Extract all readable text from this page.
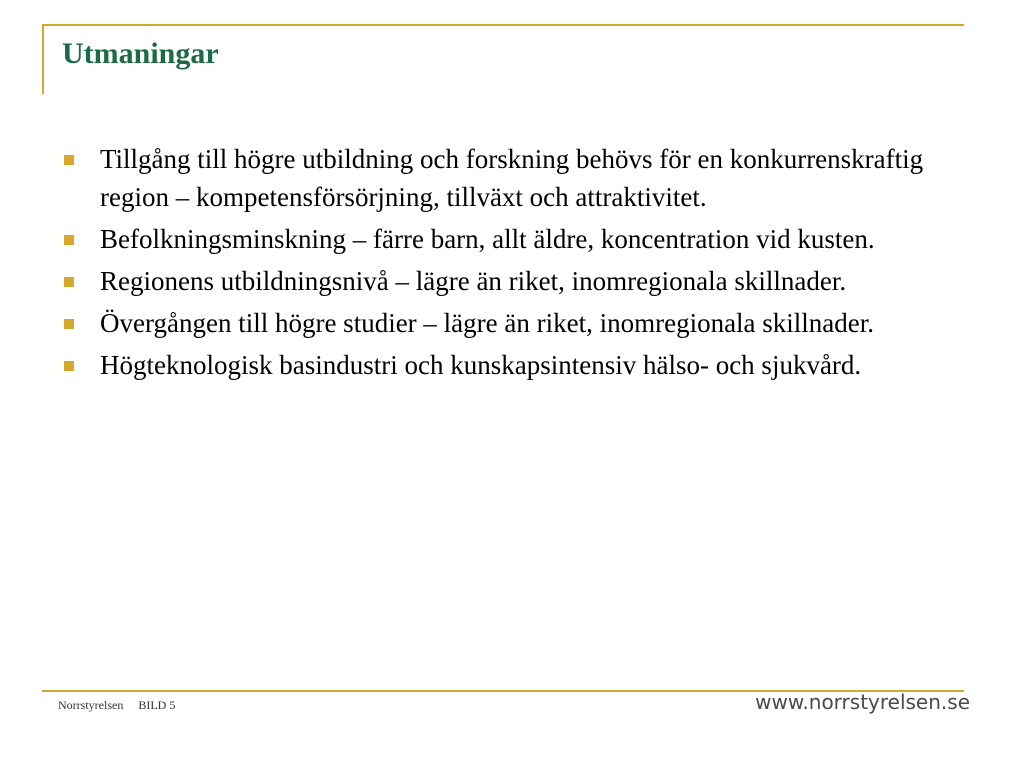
Utmaningar
Tillgång till högre utbildning och forskning behövs för en konkurrenskraftig region – kompetensförsörjning, tillväxt och attraktivitet.
Befolkningsminskning – färre barn, allt äldre, koncentration vid kusten.
Regionens utbildningsnivå – lägre än riket, inomregionala skillnader.
Övergången till högre studier – lägre än riket, inomregionala skillnader.
Högteknologisk basindustri och kunskapsintensiv hälso- och sjukvård.
Norrstyrelsen BILD 5	www.norrstyrelsen.se
